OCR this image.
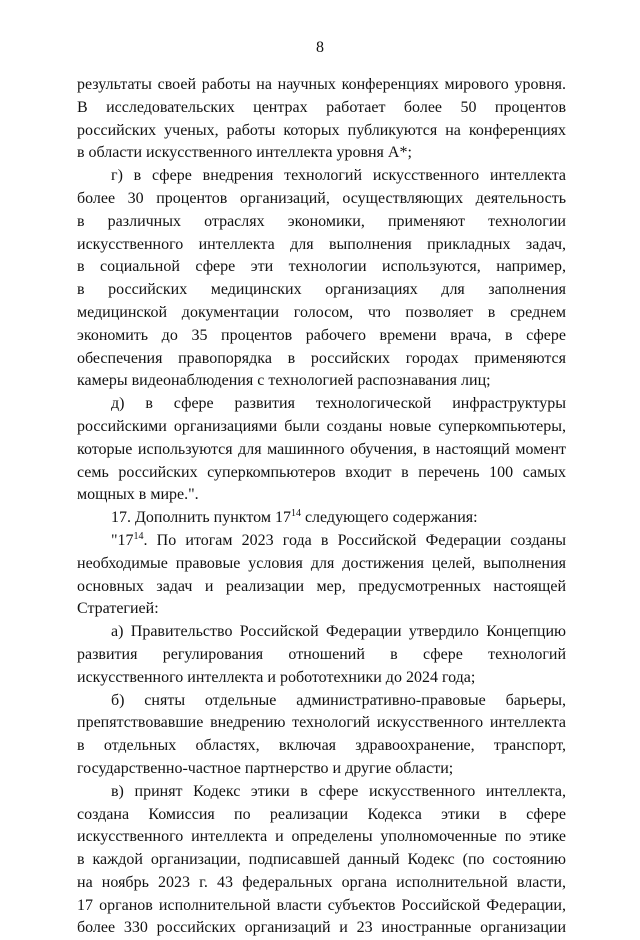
8
результаты своей работы на научных конференциях мирового уровня.
В исследовательских центрах работает более 50 процентов
российских ученых, работы которых публикуются на конференциях
в области искусственного интеллекта уровня А*;
г) в сфере внедрения технологий искусственного интеллекта
более 30 процентов организаций, осуществляющих деятельность
в различных отраслях экономики, применяют технологии
искусственного интеллекта для выполнения прикладных задач,
в социальной сфере эти технологии используются, например,
в российских медицинских организациях для заполнения
медицинской документации голосом, что позволяет в среднем
экономить до 35 процентов рабочего времени врача, в сфере
обеспечения правопорядка в российских городах применяются
камеры видеонаблюдения с технологией распознавания лиц;
д) в сфере развития технологической инфраструктуры
российскими организациями были созданы новые суперкомпьютеры,
которые используются для машинного обучения, в настоящий момент
семь российских суперкомпьютеров входит в перечень 100 самых
мощных в мире.".
17. Дополнить пунктом $17^{14}$ следующего содержания:
"$17^{14}$. По итогам 2023 года в Российской Федерации созданы
необходимые правовые условия для достижения целей, выполнения
основных задач и реализации мер, предусмотренных настоящей
Стратегией:
а) Правительство Российской Федерации утвердило Концепцию
развития регулирования отношений в сфере технологий
искусственного интеллекта и робототехники до 2024 года;
б) сняты отдельные административно-правовые барьеры,
препятствовавшие внедрению технологий искусственного интеллекта
в отдельных областях, включая здравоохранение, транспорт,
государственно-частное партнерство и другие области;
в) принят Кодекс этики в сфере искусственного интеллекта,
создана Комиссия по реализации Кодекса этики в сфере
искусственного интеллекта и определены уполномоченные по этике
в каждой организации, подписавшей данный Кодекс (по состоянию
на ноябрь 2023 г. 43 федеральных органа исполнительной власти,
17 органов исполнительной власти субъектов Российской Федерации,
более 330 российских организаций и 23 иностранные организации
